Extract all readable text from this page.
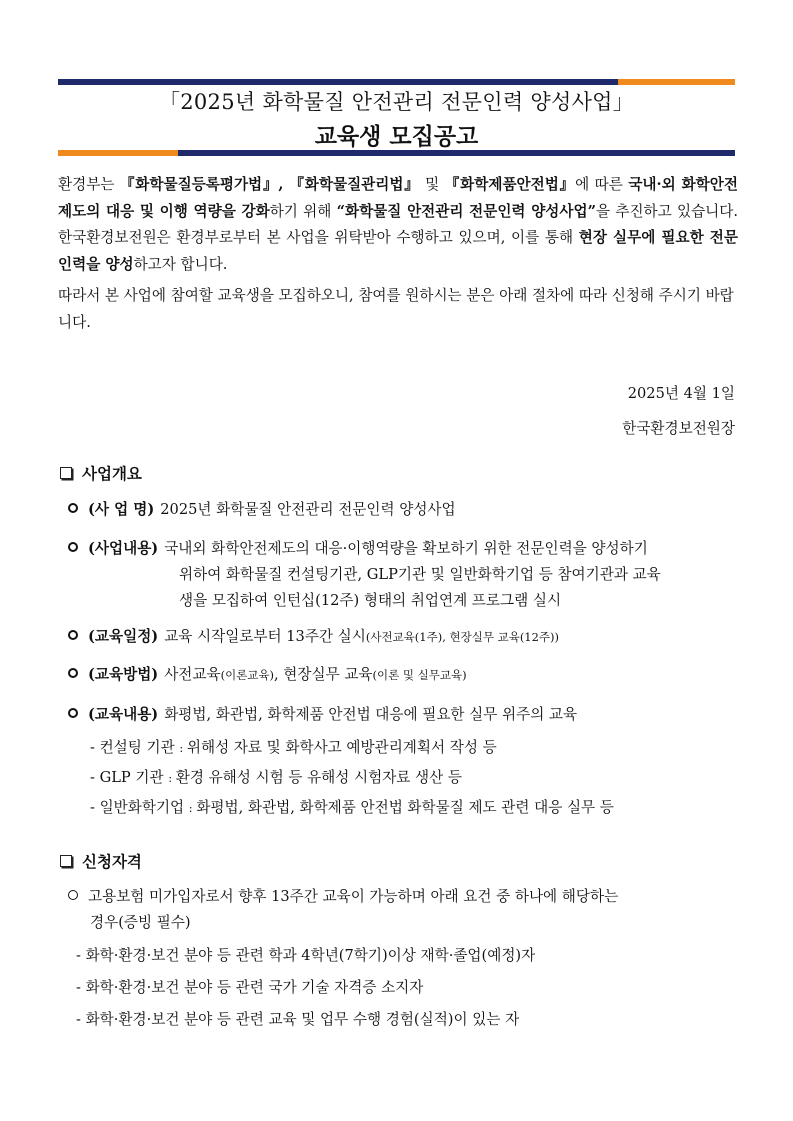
「2025년 화학물질 안전관리 전문인력 양성사업」
교육생 모집공고

환경부는 『화학물질등록평가법』, 『화학물질관리법』 및 『화학제품안전법』에 따른 국내·외 화학안전제도의 대응 및 이행 역량을 강화하기 위해 “화학물질 안전관리 전문인력 양성사업”을 추진하고 있습니다. 한국환경보전원은 환경부로부터 본 사업을 위탁받아 수행하고 있으며, 이를 통해 현장 실무에 필요한 전문인력을 양성하고자 합니다.

따라서 본 사업에 참여할 교육생을 모집하오니, 참여를 원하시는 분은 아래 절차에 따라 신청해 주시기 바랍니다.

2025년 4월 1일
한국환경보전원장
사업개요
(사 업 명) 2025년 화학물질 안전관리 전문인력 양성사업
(사업내용) 국내외 화학안전제도의 대응·이행역량을 확보하기 위한 전문인력을 양성하기
위하여 화학물질 컨설팅기관, GLP기관 및 일반화학기업 등 참여기관과 교육
생을 모집하여 인턴십(12주) 형태의 취업연계 프로그램 실시
(교육일정) 교육 시작일로부터 13주간 실시(사전교육(1주), 현장실무 교육(12주))
(교육방법) 사전교육(이론교육), 현장실무 교육(이론 및 실무교육)
(교육내용) 화평법, 화관법, 화학제품 안전법 대응에 필요한 실무 위주의 교육
- 컨설팅 기관 : 위해성 자료 및 화학사고 예방관리계획서 작성 등
- GLP 기관 : 환경 유해성 시험 등 유해성 시험자료 생산 등
- 일반화학기업 : 화평법, 화관법, 화학제품 안전법 화학물질 제도 관련 대응 실무 등
신청자격
고용보험 미가입자로서 향후 13주간 교육이 가능하며 아래 요건 중 하나에 해당하는
경우(증빙 필수)
- 화학·환경·보건 분야 등 관련 학과 4학년(7학기)이상 재학·졸업(예정)자
- 화학·환경·보건 분야 등 관련 국가 기술 자격증 소지자
- 화학·환경·보건 분야 등 관련 교육 및 업무 수행 경험(실적)이 있는 자
